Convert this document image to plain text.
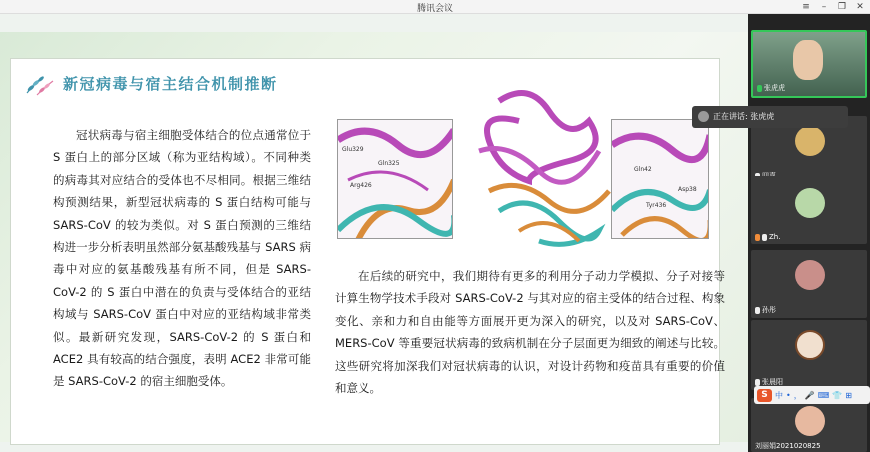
腾讯会议	≡	–	❐ ✕
新冠病毒与宿主结合机制推断
冠状病毒与宿主细胞受体结合的位点通常位于 S 蛋白上的部分区域（称为亚结构域）。不同种类的病毒其对应结合的受体也不尽相同。根据三维结构预测结果，新型冠状病毒的 S 蛋白结构可能与 SARS-CoV 的较为类似。对 S 蛋白预测的三维结构进一步分析表明虽然部分氨基酸残基与 SARS 病毒中对应的氨基酸残基有所不同，但是 SARS-CoV-2 的 S 蛋白中潜在的负责与受体结合的亚结构域与 SARS-CoV 蛋白中对应的亚结构域非常类似。最新研究发现，SARS-CoV-2 的 S 蛋白和 ACE2 具有较高的结合强度，表明 ACE2 非常可能是 SARS-CoV-2 的宿主细胞受体。
Glu329
Gln325
Arg426
Gln42
Asp38
Tyr436
在后续的研究中，我们期待有更多的利用分子动力学模拟、分子对接等计算生物学技术手段对 SARS-CoV-2 与其对应的宿主受体的结合过程、构象变化、亲和力和自由能等方面展开更为深入的研究，以及对 SARS-CoV、MERS-CoV 等重要冠状病毒的致病机制在分子层面更为细致的阐述与比较。这些研究将加深我们对冠状病毒的认识，对设计药物和疫苗具有重要的价值和意义。
张虎虎
Zh.
孙彤
张晨阳
刘丽娟2021020825
正在讲话: 张虎虎
S 中 • ， 🎤 ⌨ 👕 ⊞
